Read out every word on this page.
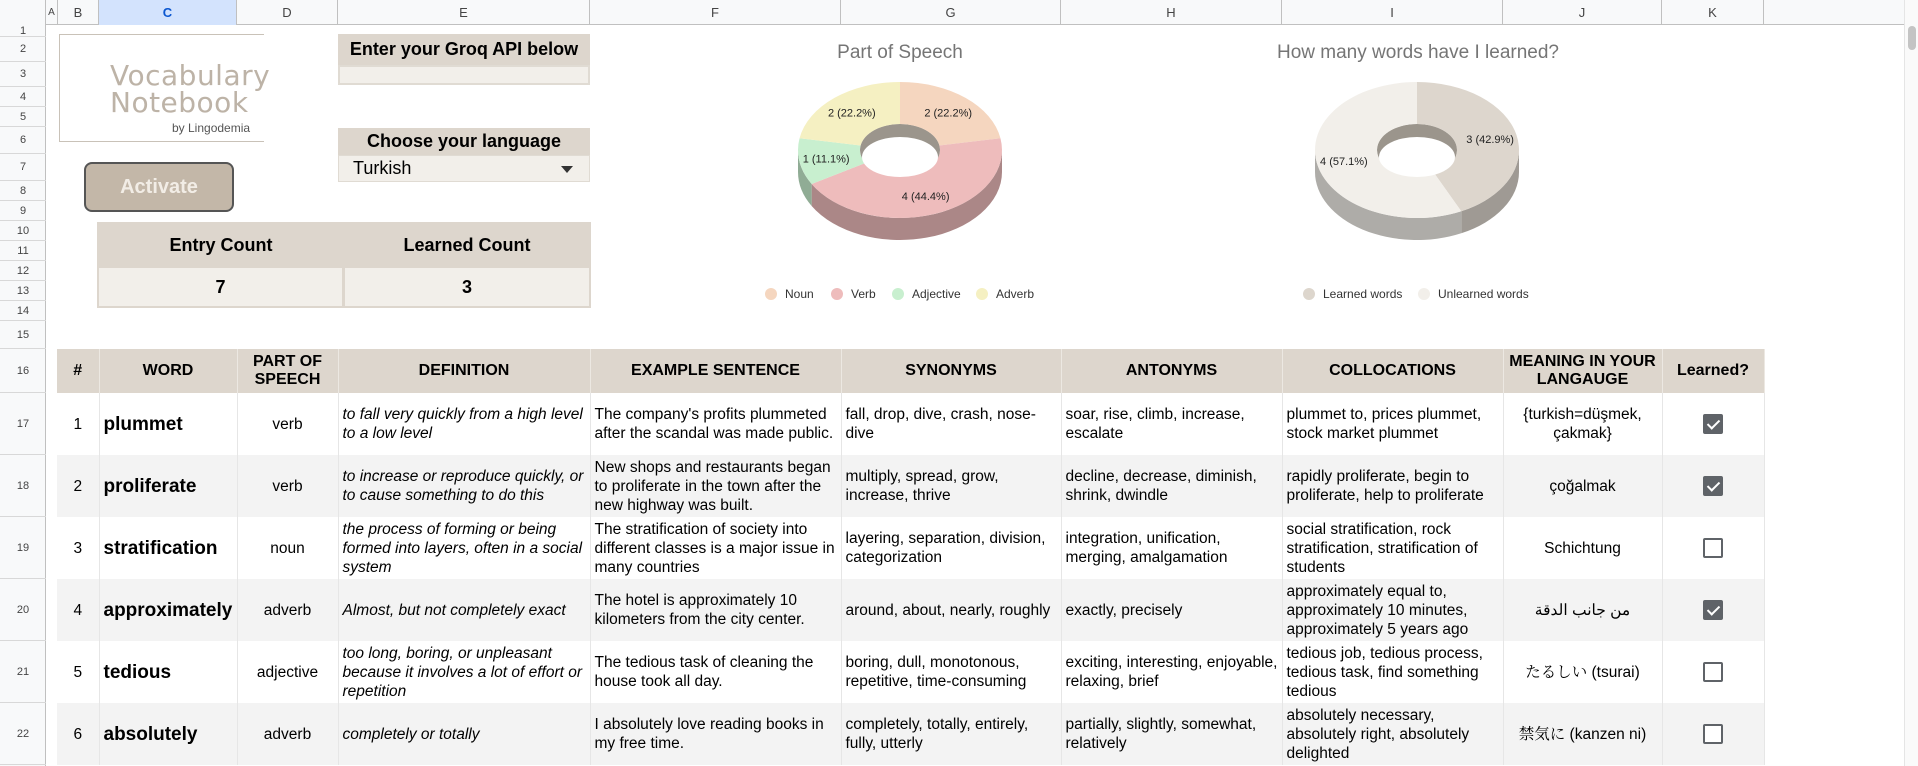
A	B	C	D	E	F	G	H	I	J	K
1
2
3
4
5
6
7
8
9
10
11
12
13
14
15
16
17
18
19
20
21
22
Vocabulary
Notebook
by Lingodemia
Enter your Groq API below
Choose your language
Turkish
Activate
Entry Count	Learned Count
7	3
Part of Speech
2 (22.2%)
4 (44.4%)
1 (11.1%)
2 (22.2%)
Noun	Verb	Adjective	Adverb
How many words have I learned?
3 (42.9%)
4 (57.1%)
Learned words	Unlearned words
#	WORD	PART OF SPEECH	DEFINITION	EXAMPLE SENTENCE	SYNONYMS	ANTONYMS	COLLOCATIONS	MEANING IN YOUR LANGAUGE	Learned?
1	plummet	verb	to fall very quickly from a high level to a low level	The company's profits plummeted after the scandal was made public.	fall, drop, dive, crash, nose-dive	soar, rise, climb, increase, escalate	plummet to, prices plummet, stock market plummet	{turkish=düşmek, çakmak}	
2	proliferate	verb	to increase or reproduce quickly, or to cause something to do this	New shops and restaurants began to proliferate in the town after the new highway was built.	multiply, spread, grow, increase, thrive	decline, decrease, diminish, shrink, dwindle	rapidly proliferate, begin to proliferate, help to proliferate	çoğalmak	
3	stratification	noun	the process of forming or being formed into layers, often in a social system	The stratification of society into different classes is a major issue in many countries	layering, separation, division, categorization	integration, unification, merging, amalgamation	social stratification, rock stratification, stratification of students	Schichtung	
4	approximately	adverb	Almost, but not completely exact	The hotel is approximately 10 kilometers from the city center.	around, about, nearly, roughly	exactly, precisely	approximately equal to, approximately 10 minutes, approximately 5 years ago	من جانب الدقة	
5	tedious	adjective	too long, boring, or unpleasant because it involves a lot of effort or repetition	The tedious task of cleaning the house took all day.	boring, dull, monotonous, repetitive, time-consuming	exciting, interesting, enjoyable, relaxing, brief	tedious job, tedious process, tedious task, find something tedious	たるしい (tsurai)	
6	absolutely	adverb	completely or totally	I absolutely love reading books in my free time.	completely, totally, entirely, fully, utterly	partially, slightly, somewhat, relatively	absolutely necessary, absolutely right, absolutely delighted	禁気に (kanzen ni)	
